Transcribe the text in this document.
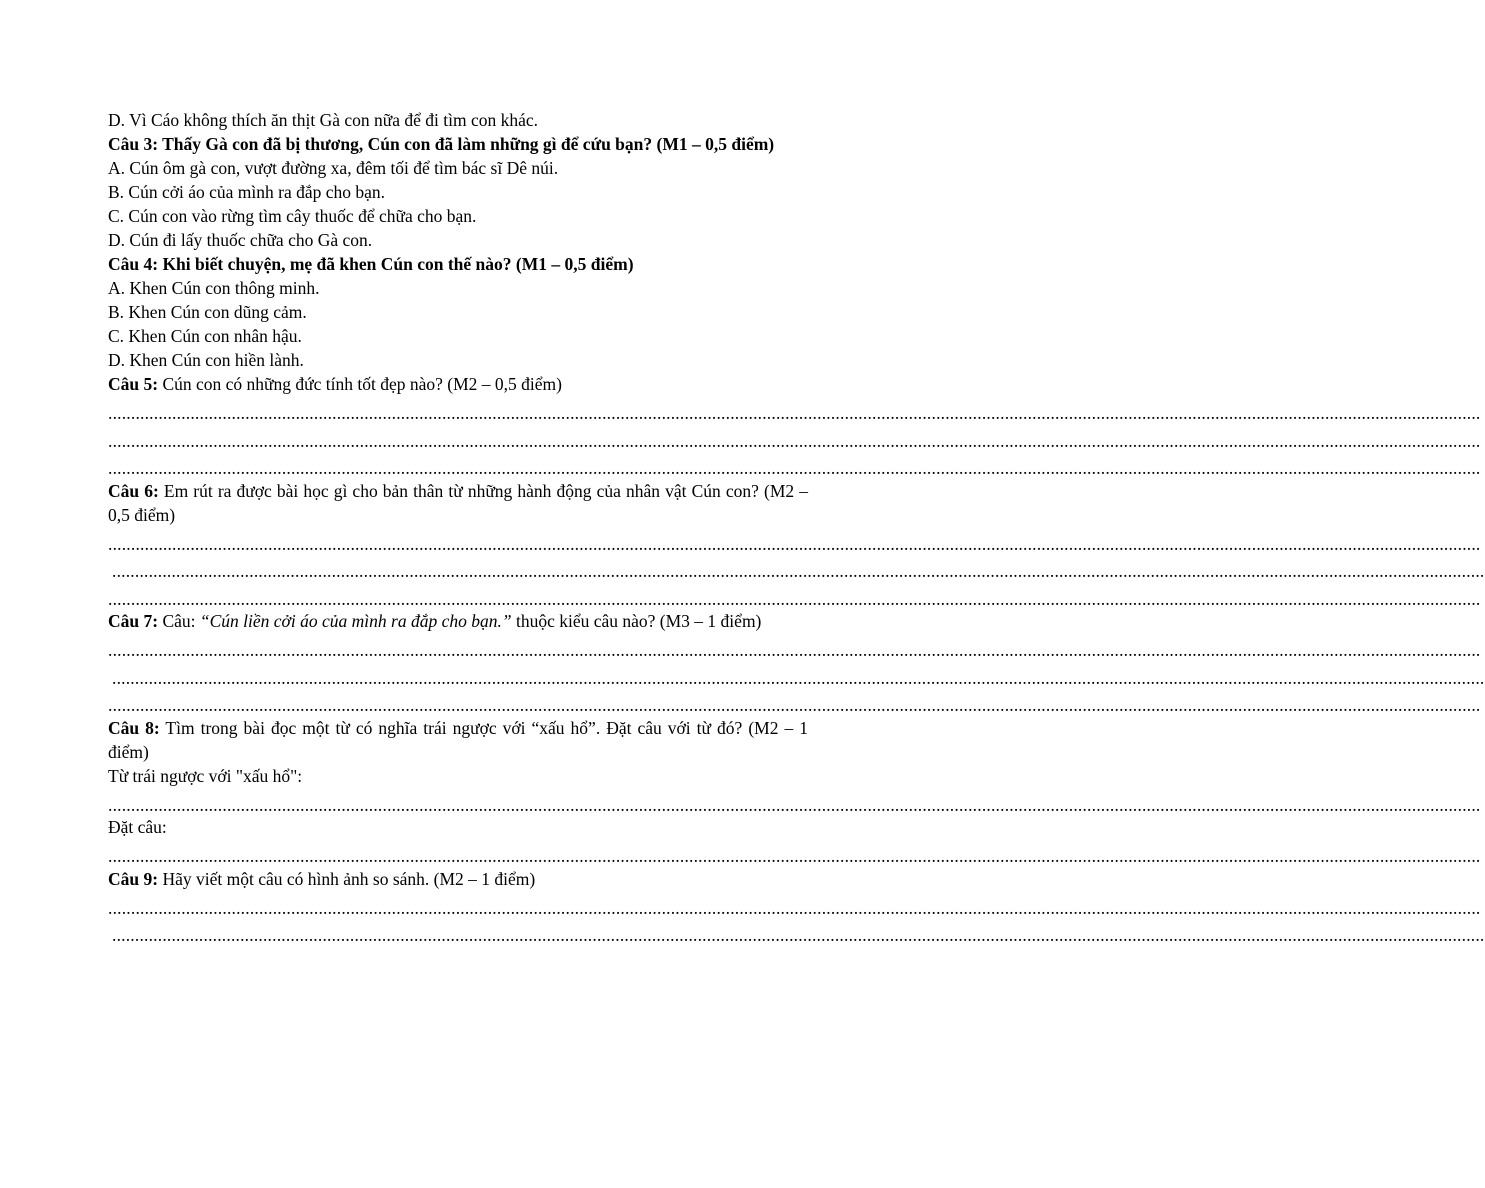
D. Vì Cáo không thích ăn thịt Gà con nữa để đi tìm con khác.
Câu 3: Thấy Gà con đã bị thương, Cún con đã làm những gì để cứu bạn? (M1 – 0,5 điểm)
A. Cún ôm gà con, vượt đường xa, đêm tối để tìm bác sĩ Dê núi.
B. Cún cởi áo của mình ra đắp cho bạn.
C. Cún con vào rừng tìm cây thuốc để chữa cho bạn.
D. Cún đi lấy thuốc chữa cho Gà con.
Câu 4: Khi biết chuyện, mẹ đã khen Cún con thế nào? (M1 – 0,5 điểm)
A. Khen Cún con thông minh.
B. Khen Cún con dũng cảm.
C. Khen Cún con nhân hậu.
D. Khen Cún con hiền lành.
Câu 5: Cún con có những đức tính tốt đẹp nào? (M2 – 0,5 điểm)
............................................................................................................................................................................................................................................................................................................
............................................................................................................................................................................................................................................................................................................
............................................................................................................................................................................................................................................................................................................
Câu 6: Em rút ra được bài học gì cho bản thân từ những hành động của nhân vật Cún con? (M2 – 0,5 điểm)
............................................................................................................................................................................................................................................................................................................
............................................................................................................................................................................................................................................................................................................
............................................................................................................................................................................................................................................................................................................
Câu 7: Câu: “Cún liền cởi áo của mình ra đắp cho bạn.” thuộc kiểu câu nào? (M3 – 1 điểm)
............................................................................................................................................................................................................................................................................................................
............................................................................................................................................................................................................................................................................................................
............................................................................................................................................................................................................................................................................................................
Câu 8: Tìm trong bài đọc một từ có nghĩa trái ngược với “xấu hổ”. Đặt câu với từ đó? (M2 – 1 điểm)
Từ trái ngược với "xấu hổ":
............................................................................................................................................................................................................................................................................................................
Đặt câu:
............................................................................................................................................................................................................................................................................................................
Câu 9: Hãy viết một câu có hình ảnh so sánh. (M2 – 1 điểm)
............................................................................................................................................................................................................................................................................................................
............................................................................................................................................................................................................................................................................................................
